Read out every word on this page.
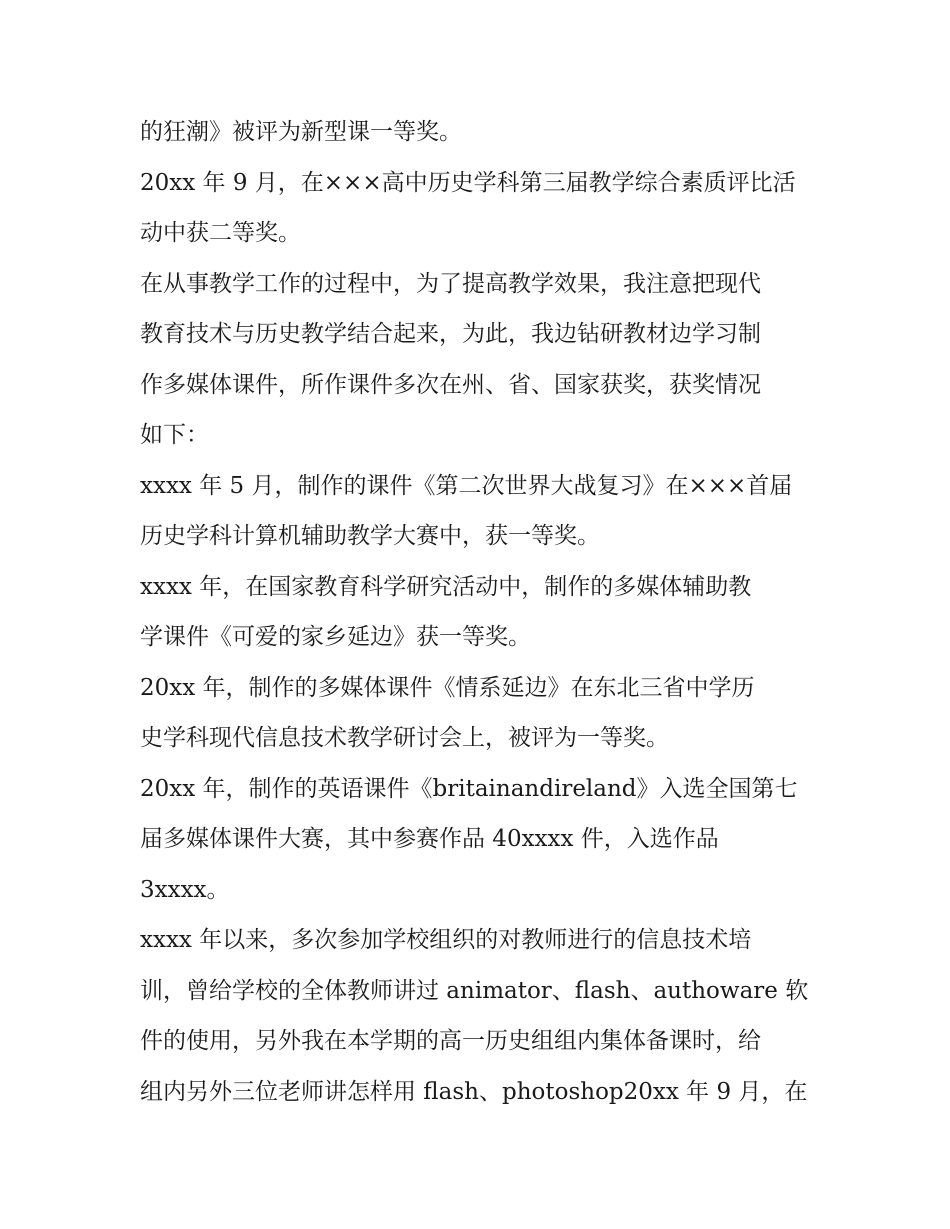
的狂潮》被评为新型课一等奖。
20xx 年 9 月，在×××高中历史学科第三届教学综合素质评比活
动中获二等奖。
在从事教学工作的过程中，为了提高教学效果，我注意把现代
教育技术与历史教学结合起来，为此，我边钻研教材边学习制
作多媒体课件，所作课件多次在州、省、国家获奖，获奖情况
如下：
xxxx 年 5 月，制作的课件《第二次世界大战复习》在×××首届
历史学科计算机辅助教学大赛中，获一等奖。
xxxx 年，在国家教育科学研究活动中，制作的多媒体辅助教
学课件《可爱的家乡延边》获一等奖。
20xx 年，制作的多媒体课件《情系延边》在东北三省中学历
史学科现代信息技术教学研讨会上，被评为一等奖。
20xx 年，制作的英语课件《britainandireland》入选全国第七
届多媒体课件大赛，其中参赛作品 40xxxx 件，入选作品
3xxxx。
xxxx 年以来，多次参加学校组织的对教师进行的信息技术培
训，曾给学校的全体教师讲过 animator、flash、authoware 软
件的使用，另外我在本学期的高一历史组组内集体备课时，给
组内另外三位老师讲怎样用 flash、photoshop20xx 年 9 月，在
